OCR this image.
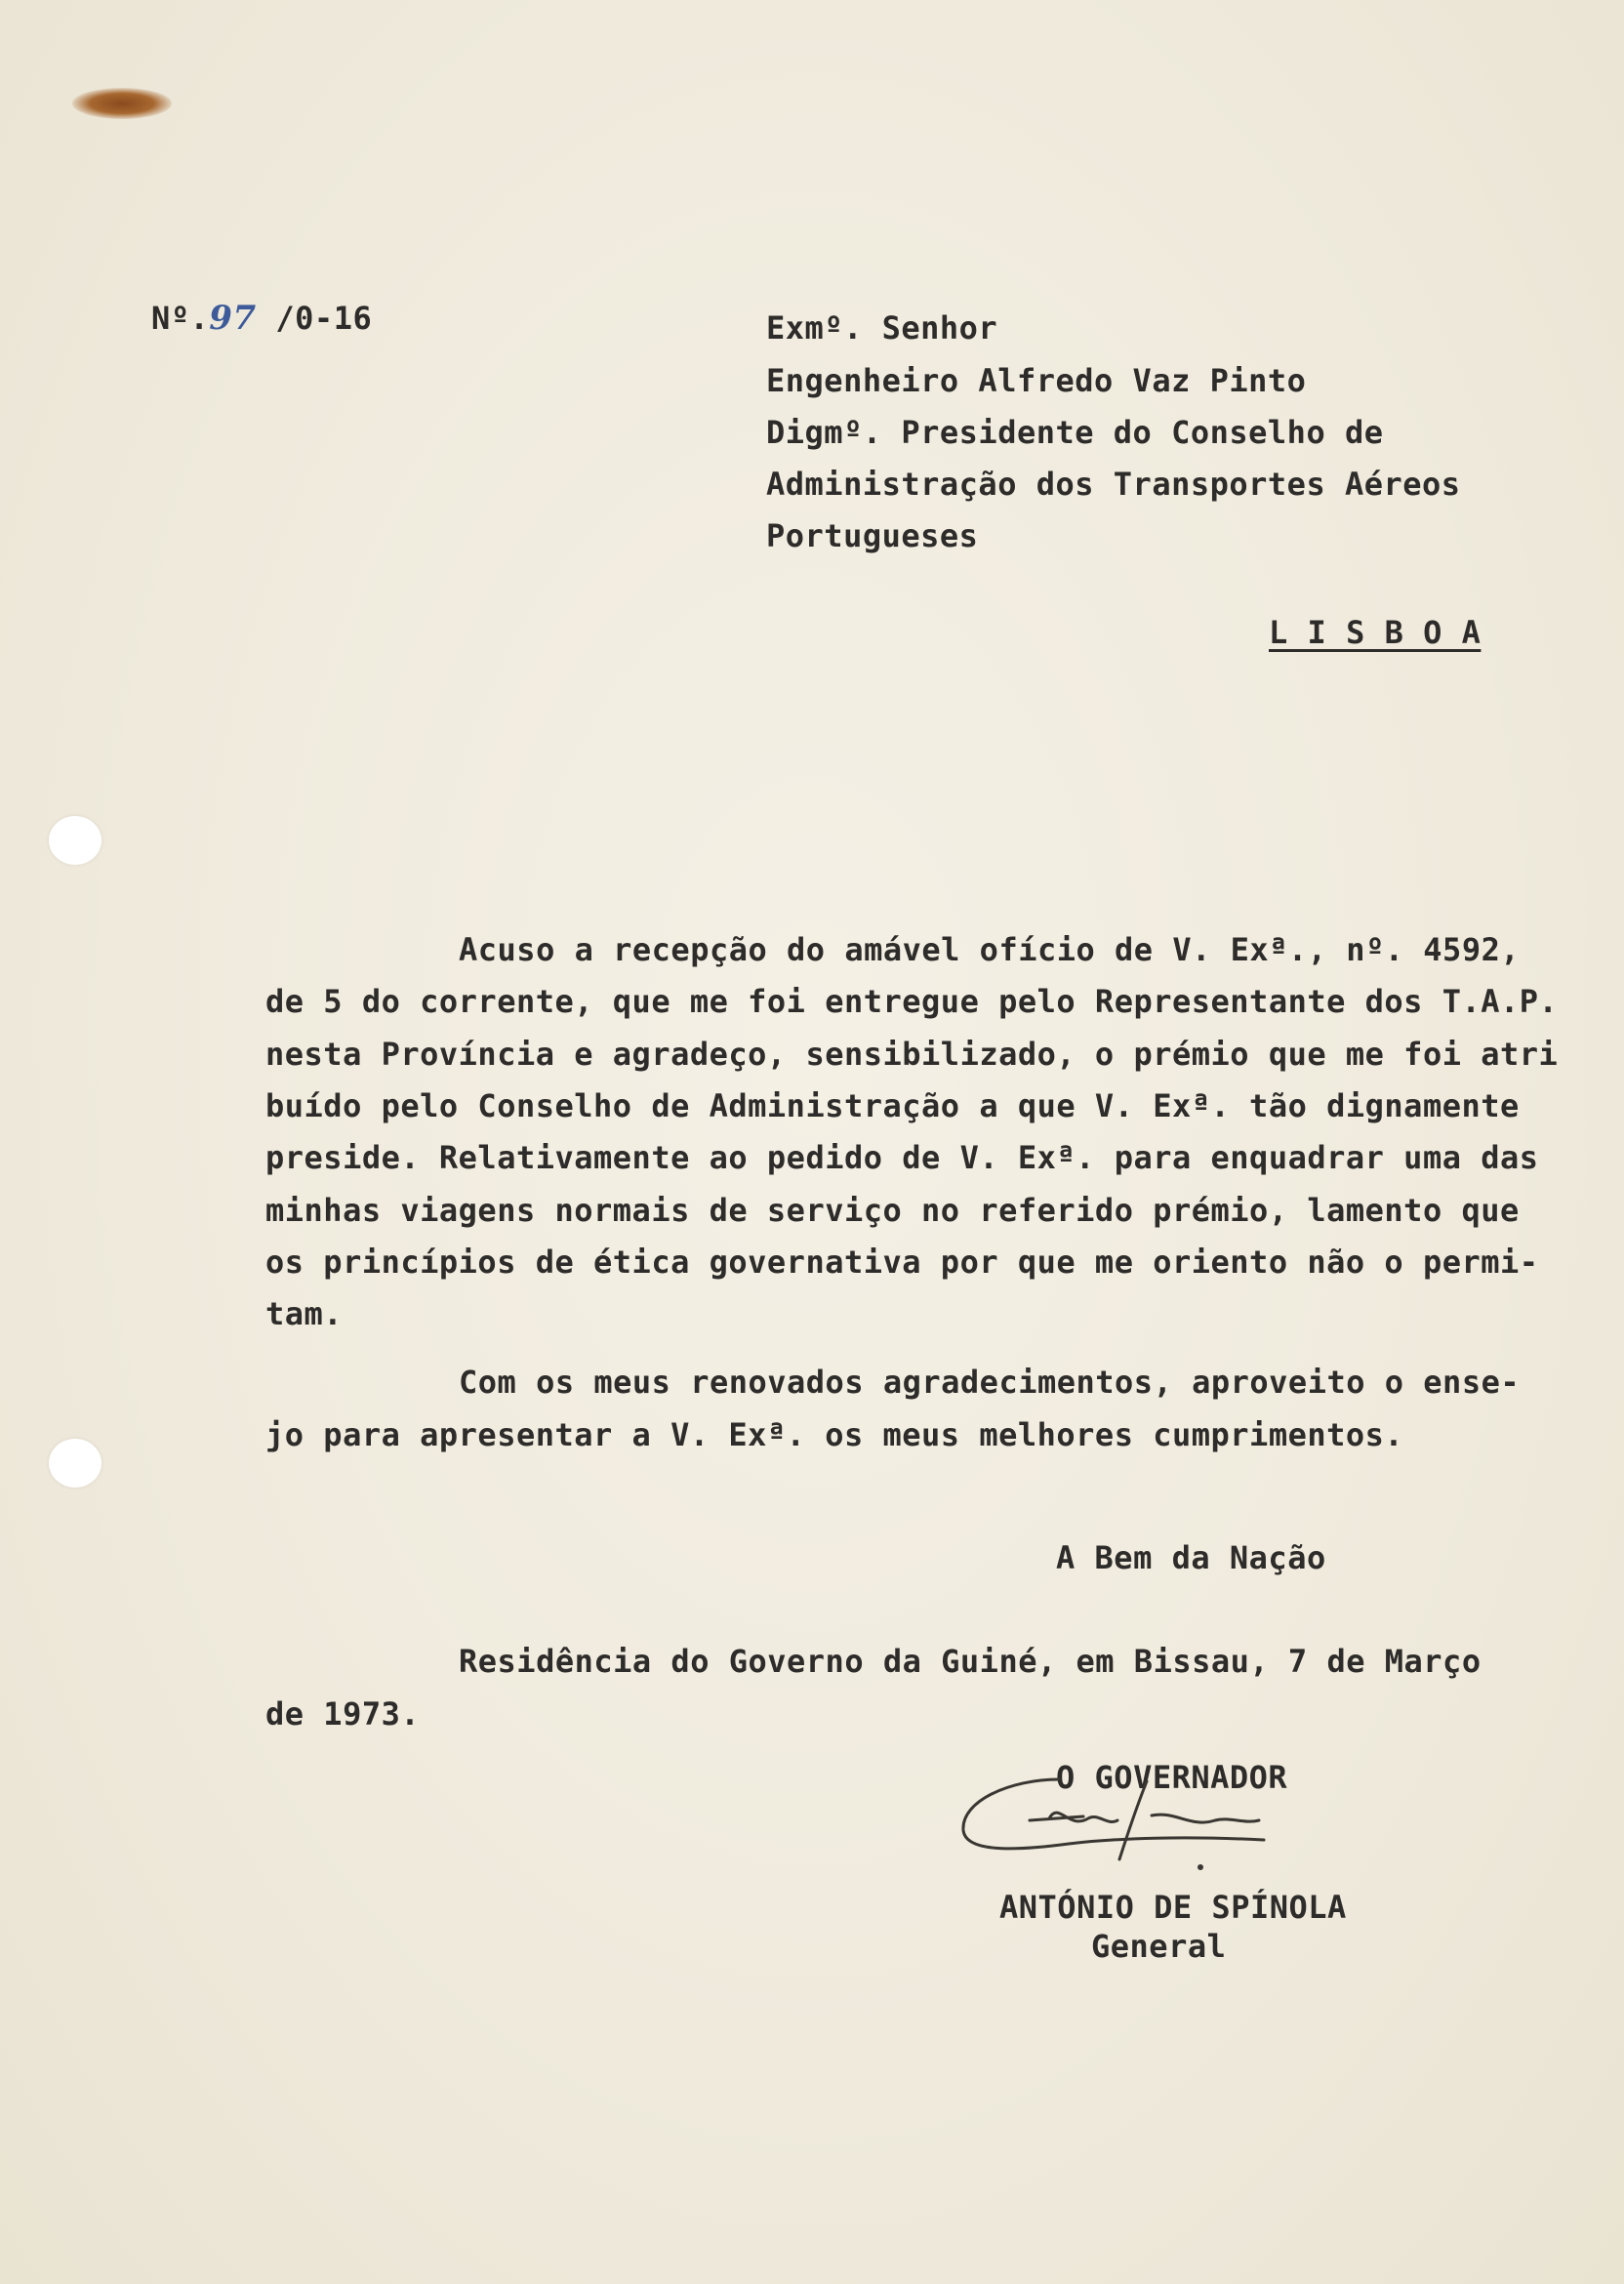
Nº.97 /0-16	Exmº. Senhor
Engenheiro Alfredo Vaz Pinto
Digmº. Presidente do Conselho de
Administração dos Transportes Aéreos
Portugueses
L I S B O A
Acuso a recepção do amável ofício de V. Exª., nº. 4592,
de 5 do corrente, que me foi entregue pelo Representante dos T.A.P.
nesta Província e agradeço, sensibilizado, o prémio que me foi atri
buído pelo Conselho de Administração a que V. Exª. tão dignamente
preside. Relativamente ao pedido de V. Exª. para enquadrar uma das
minhas viagens normais de serviço no referido prémio, lamento que
os princípios de ética governativa por que me oriento não o permi-
tam.
Com os meus renovados agradecimentos, aproveito o ense-
jo para apresentar a V. Exª. os meus melhores cumprimentos.
A Bem da Nação
Residência do Governo da Guiné, em Bissau, 7 de Março
de 1973.
O GOVERNADOR
ANTÓNIO DE SPÍNOLA
General
